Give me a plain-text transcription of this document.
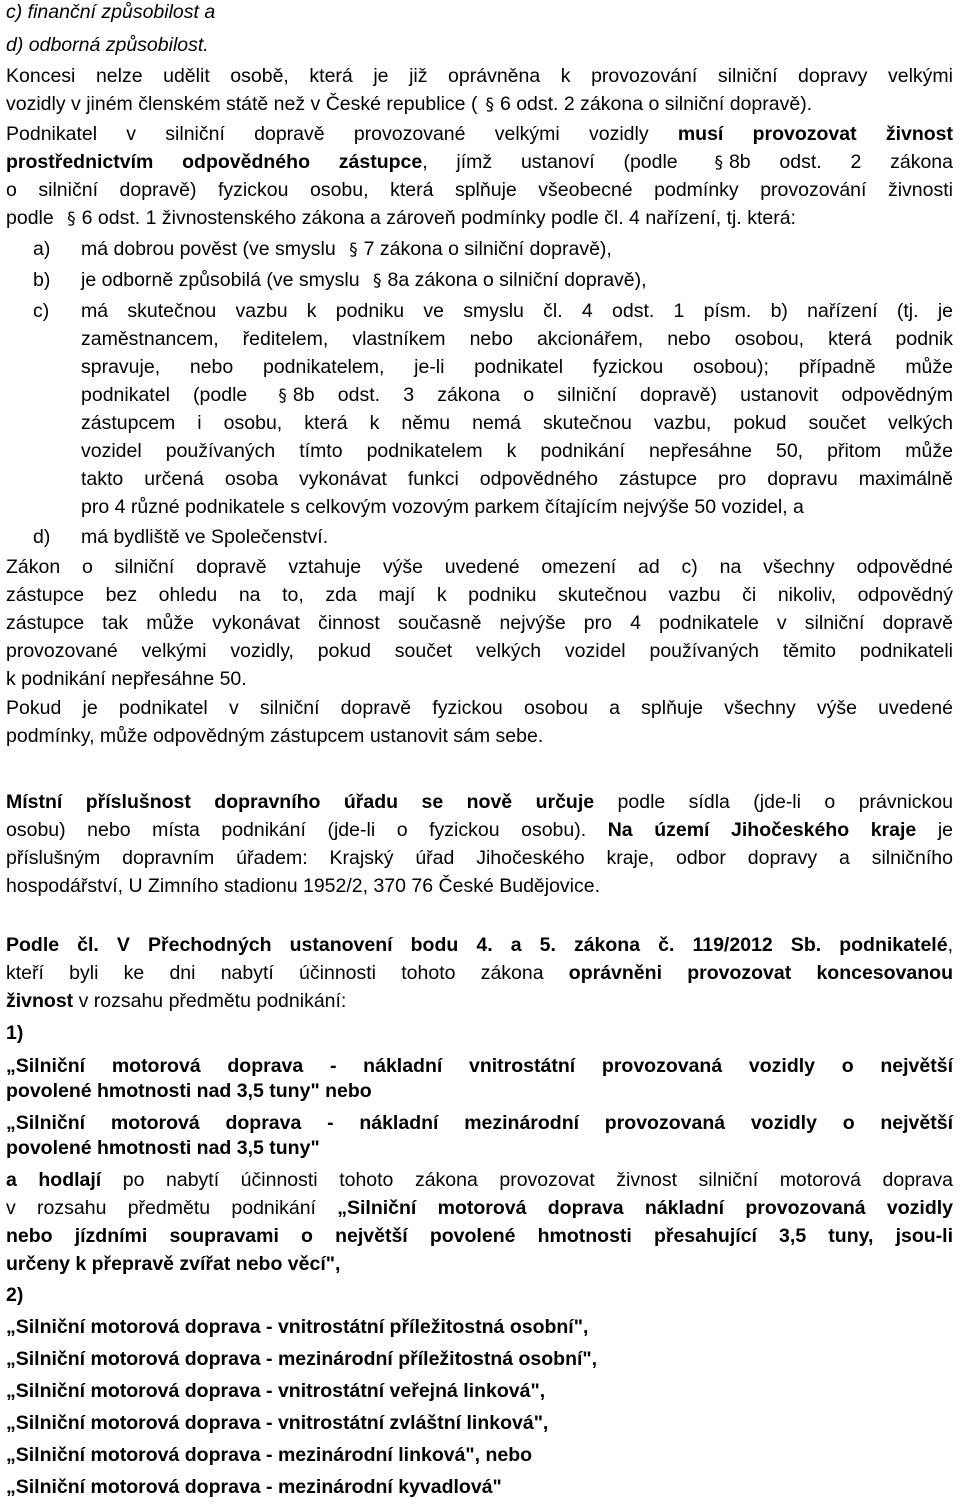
c) finanční způsobilost a
d) odborná způsobilost.
Koncesi nelze udělit osobě, která je již oprávněna k provozování silniční dopravy velkými
vozidly v jiném členském státě než v České republice ( § 6 odst. 2 zákona o silniční dopravě).
Podnikatel v silniční dopravě provozované velkými vozidly musí provozovat živnost
prostřednictvím odpovědného zástupce, jímž ustanoví (podle § 8b odst. 2 zákona
o silniční dopravě) fyzickou osobu, která splňuje všeobecné podmínky provozování živnosti
podle § 6 odst. 1 živnostenského zákona a zároveň podmínky podle čl. 4 nařízení, tj. která:
a) má dobrou pověst (ve smyslu § 7 zákona o silniční dopravě),
b) je odborně způsobilá (ve smyslu § 8a zákona o silniční dopravě),
c)	má skutečnou vazbu k podniku ve smyslu čl. 4 odst. 1 písm. b) nařízení (tj. je
zaměstnancem, ředitelem, vlastníkem nebo akcionářem, nebo osobou, která podnik
spravuje, nebo podnikatelem, je-li podnikatel fyzickou osobou); případně může
podnikatel (podle § 8b odst. 3 zákona o silniční dopravě) ustanovit odpovědným
zástupcem i osobu, která k němu nemá skutečnou vazbu, pokud součet velkých
vozidel používaných tímto podnikatelem k podnikání nepřesáhne 50, přitom může
takto určená osoba vykonávat funkci odpovědného zástupce pro dopravu maximálně
pro 4 různé podnikatele s celkovým vozovým parkem čítajícím nejvýše 50 vozidel, a
d) má bydliště ve Společenství.
Zákon o silniční dopravě vztahuje výše uvedené omezení ad c) na všechny odpovědné
zástupce bez ohledu na to, zda mají k podniku skutečnou vazbu či nikoliv, odpovědný
zástupce tak může vykonávat činnost současně nejvýše pro 4 podnikatele v silniční dopravě
provozované velkými vozidly, pokud součet velkých vozidel používaných těmito podnikateli
k podnikání nepřesáhne 50.
Pokud je podnikatel v silniční dopravě fyzickou osobou a splňuje všechny výše uvedené
podmínky, může odpovědným zástupcem ustanovit sám sebe.
Místní příslušnost dopravního úřadu se nově určuje podle sídla (jde-li o právnickou
osobu) nebo místa podnikání (jde-li o fyzickou osobu). Na území Jihočeského kraje je
příslušným dopravním úřadem: Krajský úřad Jihočeského kraje, odbor dopravy a silničního
hospodářství, U Zimního stadionu 1952/2, 370 76 České Budějovice.
Podle čl. V Přechodných ustanovení bodu 4. a 5. zákona č. 119/2012 Sb. podnikatelé,
kteří byli ke dni nabytí účinnosti tohoto zákona oprávněni provozovat koncesovanou
živnost v rozsahu předmětu podnikání:
1)
„Silniční motorová doprava - nákladní vnitrostátní provozovaná vozidly o největší
povolené hmotnosti nad 3,5 tuny" nebo
„Silniční motorová doprava - nákladní mezinárodní provozovaná vozidly o největší
povolené hmotnosti nad 3,5 tuny"
a hodlají po nabytí účinnosti tohoto zákona provozovat živnost silniční motorová doprava
v rozsahu předmětu podnikání „Silniční motorová doprava nákladní provozovaná vozidly
nebo jízdními soupravami o největší povolené hmotnosti přesahující 3,5 tuny, jsou-li
určeny k přepravě zvířat nebo věcí",
2)
„Silniční motorová doprava - vnitrostátní příležitostná osobní",
„Silniční motorová doprava - mezinárodní příležitostná osobní",
„Silniční motorová doprava - vnitrostátní veřejná linková",
„Silniční motorová doprava - vnitrostátní zvláštní linková",
„Silniční motorová doprava - mezinárodní linková", nebo
„Silniční motorová doprava - mezinárodní kyvadlová"
